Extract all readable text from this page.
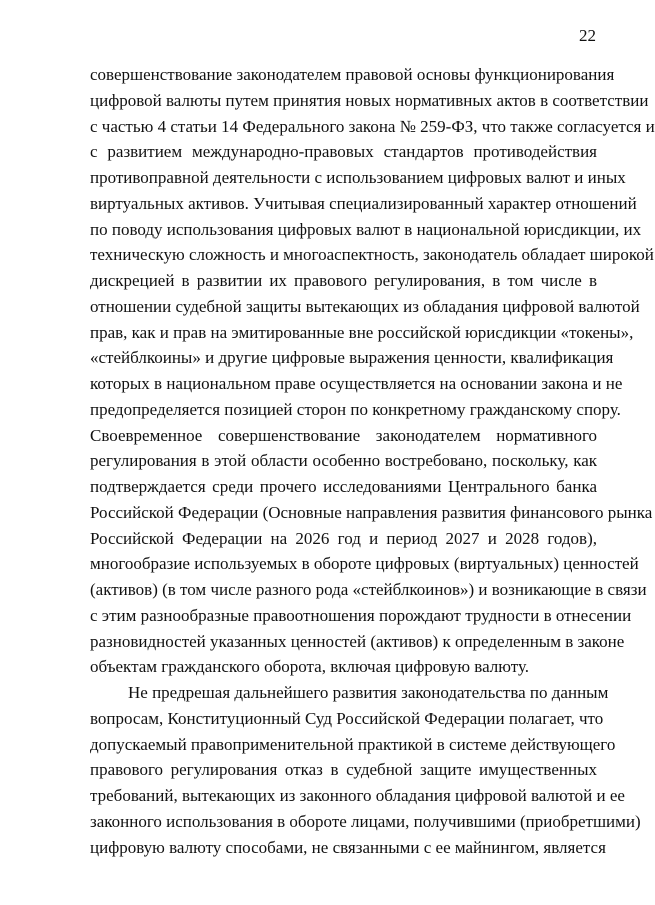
22
совершенствование законодателем правовой основы функционирования
цифровой валюты путем принятия новых нормативных актов в соответствии
с частью 4 статьи 14 Федерального закона № 259-ФЗ, что также согласуется и
с развитием международно-правовых стандартов противодействия
противоправной деятельности с использованием цифровых валют и иных
виртуальных активов. Учитывая специализированный характер отношений
по поводу использования цифровых валют в национальной юрисдикции, их
техническую сложность и многоаспектность, законодатель обладает широкой
дискрецией в развитии их правового регулирования, в том числе в
отношении судебной защиты вытекающих из обладания цифровой валютой
прав, как и прав на эмитированные вне российской юрисдикции «токены»,
«стейблкоины» и другие цифровые выражения ценности, квалификация
которых в национальном праве осуществляется на основании закона и не
предопределяется позицией сторон по конкретному гражданскому спору.
Своевременное совершенствование законодателем нормативного
регулирования в этой области особенно востребовано, поскольку, как
подтверждается среди прочего исследованиями Центрального банка
Российской Федерации (Основные направления развития финансового рынка
Российской Федерации на 2026 год и период 2027 и 2028 годов),
многообразие используемых в обороте цифровых (виртуальных) ценностей
(активов) (в том числе разного рода «стейблкоинов») и возникающие в связи
с этим разнообразные правоотношения порождают трудности в отнесении
разновидностей указанных ценностей (активов) к определенным в законе
объектам гражданского оборота, включая цифровую валюту.
Не предрешая дальнейшего развития законодательства по данным
вопросам, Конституционный Суд Российской Федерации полагает, что
допускаемый правоприменительной практикой в системе действующего
правового регулирования отказ в судебной защите имущественных
требований, вытекающих из законного обладания цифровой валютой и ее
законного использования в обороте лицами, получившими (приобретшими)
цифровую валюту способами, не связанными с ее майнингом, является
